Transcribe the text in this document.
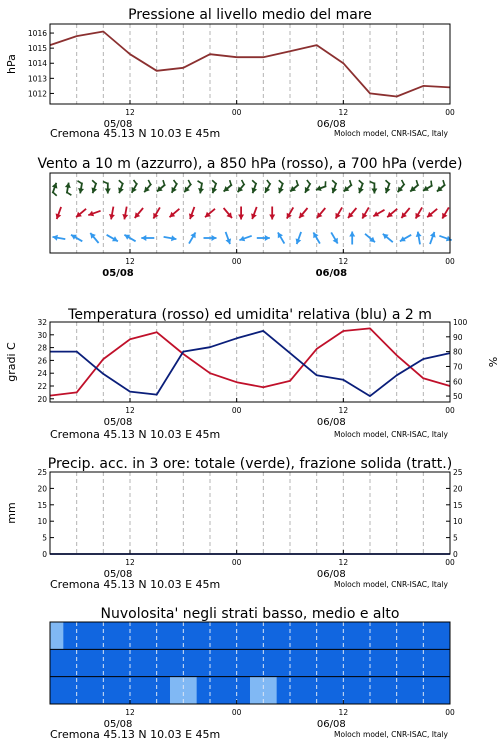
Pressione al livello medio del mare
hPa
1012
1013
1014
1015
1016
12	00	12	00
05/08	06/08
Cremona 45.13 N 10.03 E 45m	Moloch model, CNR-ISAC, Italy
Vento a 10 m (azzurro), a 850 hPa (rosso), a 700 hPa (verde)
12	00	12	00
05/08	06/08
Temperatura (rosso) ed umidita' relativa (blu) a 2 m
gradi C	%
20
22
24
26
28
30
32
50
60
70
80
90
100
12	00	12	00
05/08	06/08
Cremona 45.13 N 10.03 E 45m	Moloch model, CNR-ISAC, Italy
Precip. acc. in 3 ore: totale (verde), frazione solida (tratt.)
mm
0
5
10
15
20
25
0
5
10
15
20
25
12	00	12	00
05/08	06/08
Cremona 45.13 N 10.03 E 45m	Moloch model, CNR-ISAC, Italy
Nuvolosita' negli strati basso, medio e alto
12	00	12	00
05/08	06/08
Cremona 45.13 N 10.03 E 45m	Moloch model, CNR-ISAC, Italy
